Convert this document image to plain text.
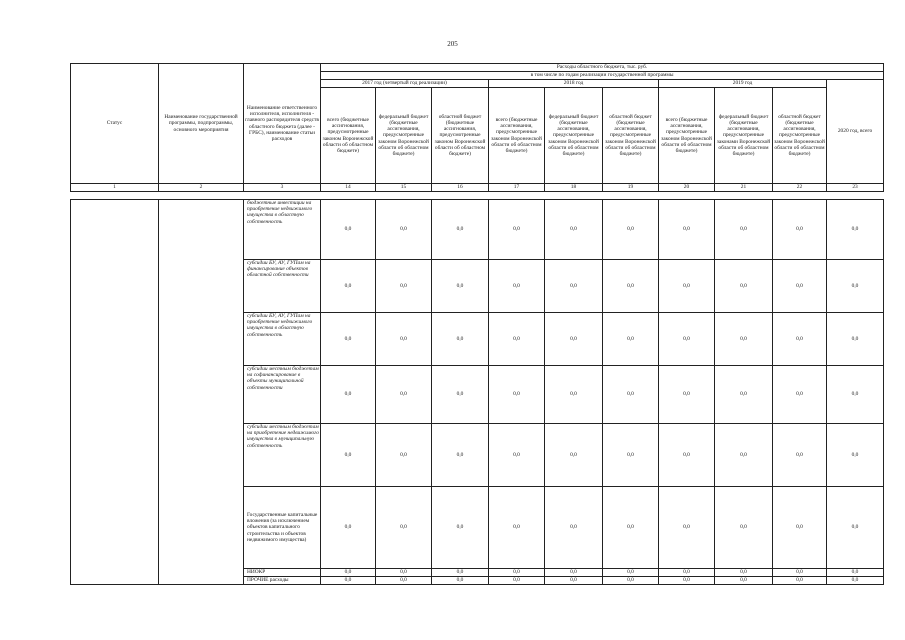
205
Статус	Наименование государственной программы, подпрограммы, основного мероприятия	Наименование ответственного исполнителя, исполнителя - главного распорядителя средств областного бюджета (далее - ГРБС), наименование статьи расходов	Расходы областного бюджета, тыс. руб.									
			в том числе по годам реализации государственной программы									
			2017 год (четвертый год реализации)			2018 год			2019 год			2020 год, всего
			всего (бюджетные ассигнования, предусмотренные законом Воронежской области об областном бюджете)	федеральный бюджет (бюджетные ассигнования, предусмотренные законом Воронежской области об областном бюджете)	областной бюджет (бюджетные ассигнования, предусмотренные законом Воронежской области об областном бюджете)	всего (бюджетные ассигнования, предусмотренные законом Воронежской области об областном бюджете)	федеральный бюджет (бюджетные ассигнования, предусмотренные законом Воронежской области об областном бюджете)	областной бюджет (бюджетные ассигнования, предусмотренные законом Воронежской области об областном бюджете)	всего (бюджетные ассигнования, предусмотренные законом Воронежской области об областном бюджете)	федеральный бюджет (бюджетные ассигнования, предусмотренные законами Воронежской области об областном бюджете)	областной бюджет (бюджетные ассигнования, предусмотренные законом Воронежской области об областном бюджете)	
1	2	3	14	15	16	17	18	19	20	21	22	23
		бюджетные инвестиции на приобретение недвижимого имущества в областную собственность	0,0	0,0	0,0	0,0	0,0	0,0	0,0	0,0	0,0	0,0
		субсидии БУ, АУ, ГУПам на финансирование объектов областной собственности	0,0	0,0	0,0	0,0	0,0	0,0	0,0	0,0	0,0	0,0
		субсидии БУ, АУ, ГУПам на приобретение недвижимого имущества в областную собственность	0,0	0,0	0,0	0,0	0,0	0,0	0,0	0,0	0,0	0,0
		субсидии местным бюджетам на софинансирование в объекты муниципальной собственности	0,0	0,0	0,0	0,0	0,0	0,0	0,0	0,0	0,0	0,0
		субсидии местным бюджетам на приобретение недвижимого имущества в муниципальную собственность	0,0	0,0	0,0	0,0	0,0	0,0	0,0	0,0	0,0	0,0
		Государственные капитальные вложения (за исключением объектов капитального строительства и объектов недвижимого имущества)	0,0	0,0	0,0	0,0	0,0	0,0	0,0	0,0	0,0	0,0
		НИОКР	0,0	0,0	0,0	0,0	0,0	0,0	0,0	0,0	0,0	0,0
		ПРОЧИЕ расходы	0,0	0,0	0,0	0,0	0,0	0,0	0,0	0,0	0,0	0,0
